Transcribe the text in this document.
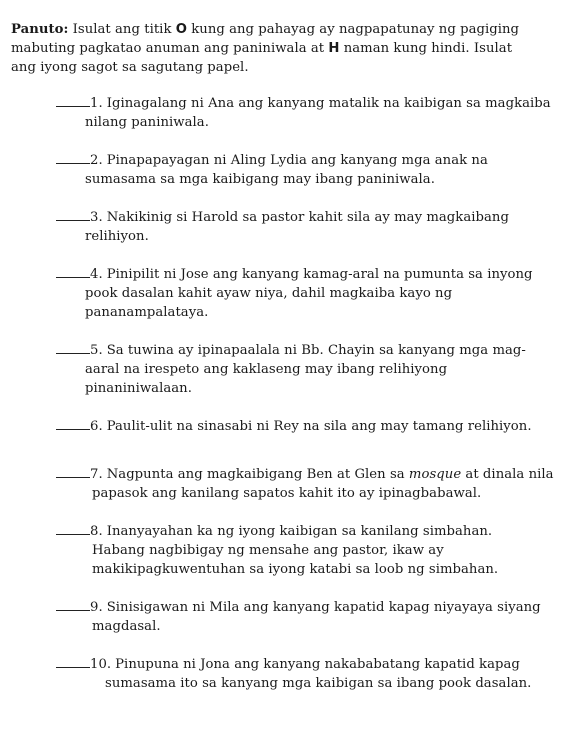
Panuto: Isulat ang titik O kung ang pahayag ay nagpapatunay ng pagiging
mabuting pagkatao anuman ang paniniwala at H naman kung hindi. Isulat
ang iyong sagot sa sagutang papel.
1. Iginagalang ni Ana ang kanyang matalik na kaibigan sa magkaiba
nilang paniniwala.
2. Pinapapayagan ni Aling Lydia ang kanyang mga anak na
sumasama sa mga kaibigang may ibang paniniwala.
3. Nakikinig si Harold sa pastor kahit sila ay may magkaibang
relihiyon.
4. Pinipilit ni Jose ang kanyang kamag-aral na pumunta sa inyong
pook dasalan kahit ayaw niya, dahil magkaiba kayo ng
pananampalataya.
5. Sa tuwina ay ipinapaalala ni Bb. Chayin sa kanyang mga mag-
aaral na irespeto ang kaklaseng may ibang relihiyong
pinaniniwalaan.
6. Paulit-ulit na sinasabi ni Rey na sila ang may tamang relihiyon.
7. Nagpunta ang magkaibigang Ben at Glen sa mosque at dinala nila
papasok ang kanilang sapatos kahit ito ay ipinagbabawal.
8. Inanyayahan ka ng iyong kaibigan sa kanilang simbahan.
Habang nagbibigay ng mensahe ang pastor, ikaw ay
makikipagkuwentuhan sa iyong katabi sa loob ng simbahan.
9. Sinisigawan ni Mila ang kanyang kapatid kapag niyayaya siyang
magdasal.
10. Pinupuna ni Jona ang kanyang nakababatang kapatid kapag
sumasama ito sa kanyang mga kaibigan sa ibang pook dasalan.
